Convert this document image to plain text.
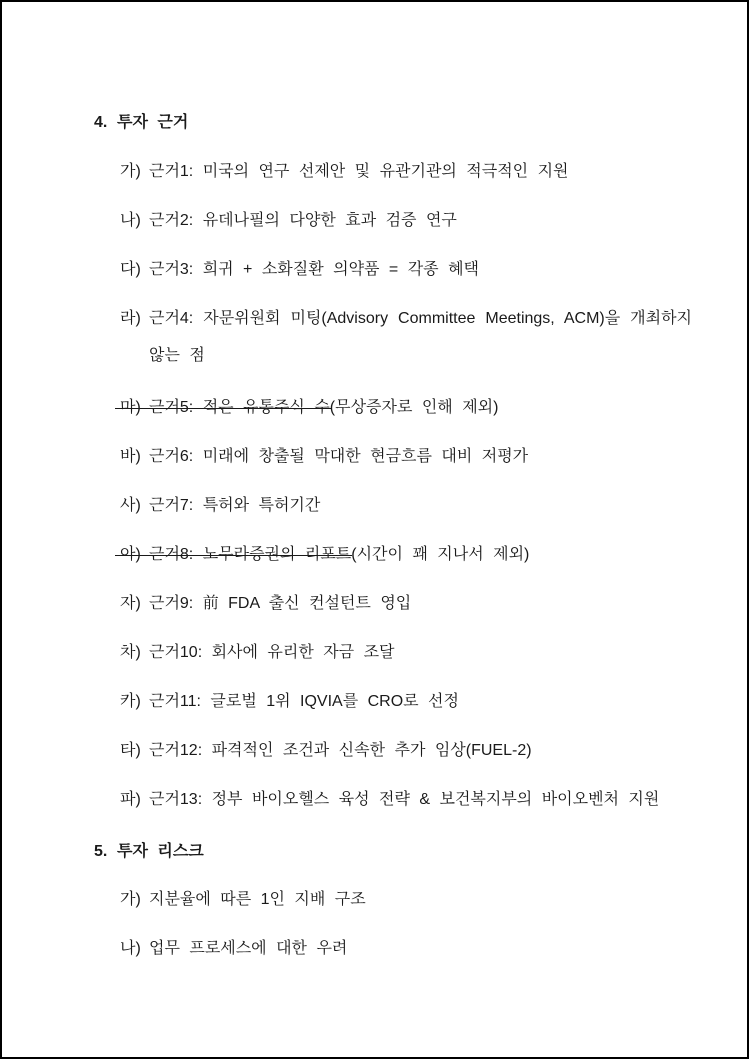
4. 투자 근거
가) 근거1: 미국의 연구 선제안 및 유관기관의 적극적인 지원
나) 근거2: 유데나필의 다양한 효과 검증 연구
다) 근거3: 희귀 + 소화질환 의약품 = 각종 혜택
라) 근거4: 자문위원회 미팅(Advisory Committee Meetings, ACM)을 개최하지
않는 점
마) 근거5: 적은 유통주식 수(무상증자로 인해 제외)
바) 근거6: 미래에 창출될 막대한 현금흐름 대비 저평가
사) 근거7: 특허와 특허기간
아) 근거8: 노무라증권의 리포트(시간이 꽤 지나서 제외)
자) 근거9: 前 FDA 출신 컨설턴트 영입
차) 근거10: 회사에 유리한 자금 조달
카) 근거11: 글로벌 1위 IQVIA를 CRO로 선정
타) 근거12: 파격적인 조건과 신속한 추가 임상(FUEL-2)
파) 근거13: 정부 바이오헬스 육성 전략 & 보건복지부의 바이오벤처 지원
5. 투자 리스크
가) 지분율에 따른 1인 지배 구조
나) 업무 프로세스에 대한 우려
